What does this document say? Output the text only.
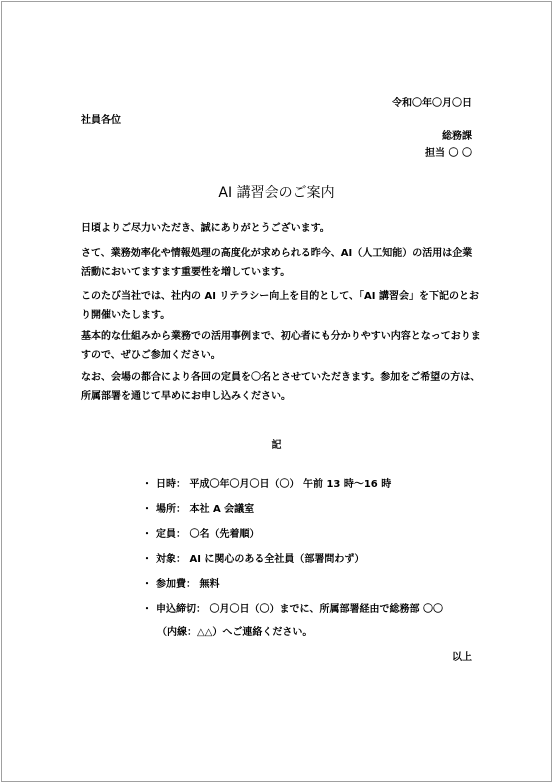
令和〇年〇月〇日
社員各位
総務課
担当 〇 〇
AI 講習会のご案内
日頃よりご尽力いただき、誠にありがとうございます。
さて、業務効率化や情報処理の高度化が求められる昨今、AI（人工知能）の活用は企業活動においてますます重要性を増しています。
このたび当社では、社内の AI リテラシー向上を目的として、「AI 講習会」を下記のとおり開催いたします。
基本的な仕組みから業務での活用事例まで、初心者にも分かりやすい内容となっておりますので、ぜひご参加ください。
なお、会場の都合により各回の定員を〇名とさせていただきます。参加をご希望の方は、所属部署を通じて早めにお申し込みください。
記
・ 日時： 平成〇年〇月〇日（〇） 午前 13 時～16 時
・ 場所： 本社 A 会議室
・ 定員： 〇名（先着順）
・ 対象： AI に関心のある全社員（部署問わず）
・ 参加費： 無料
・ 申込締切： 〇月〇日（〇）までに、所属部署経由で総務部 〇〇
（内線：△△）へご連絡ください。
以上
